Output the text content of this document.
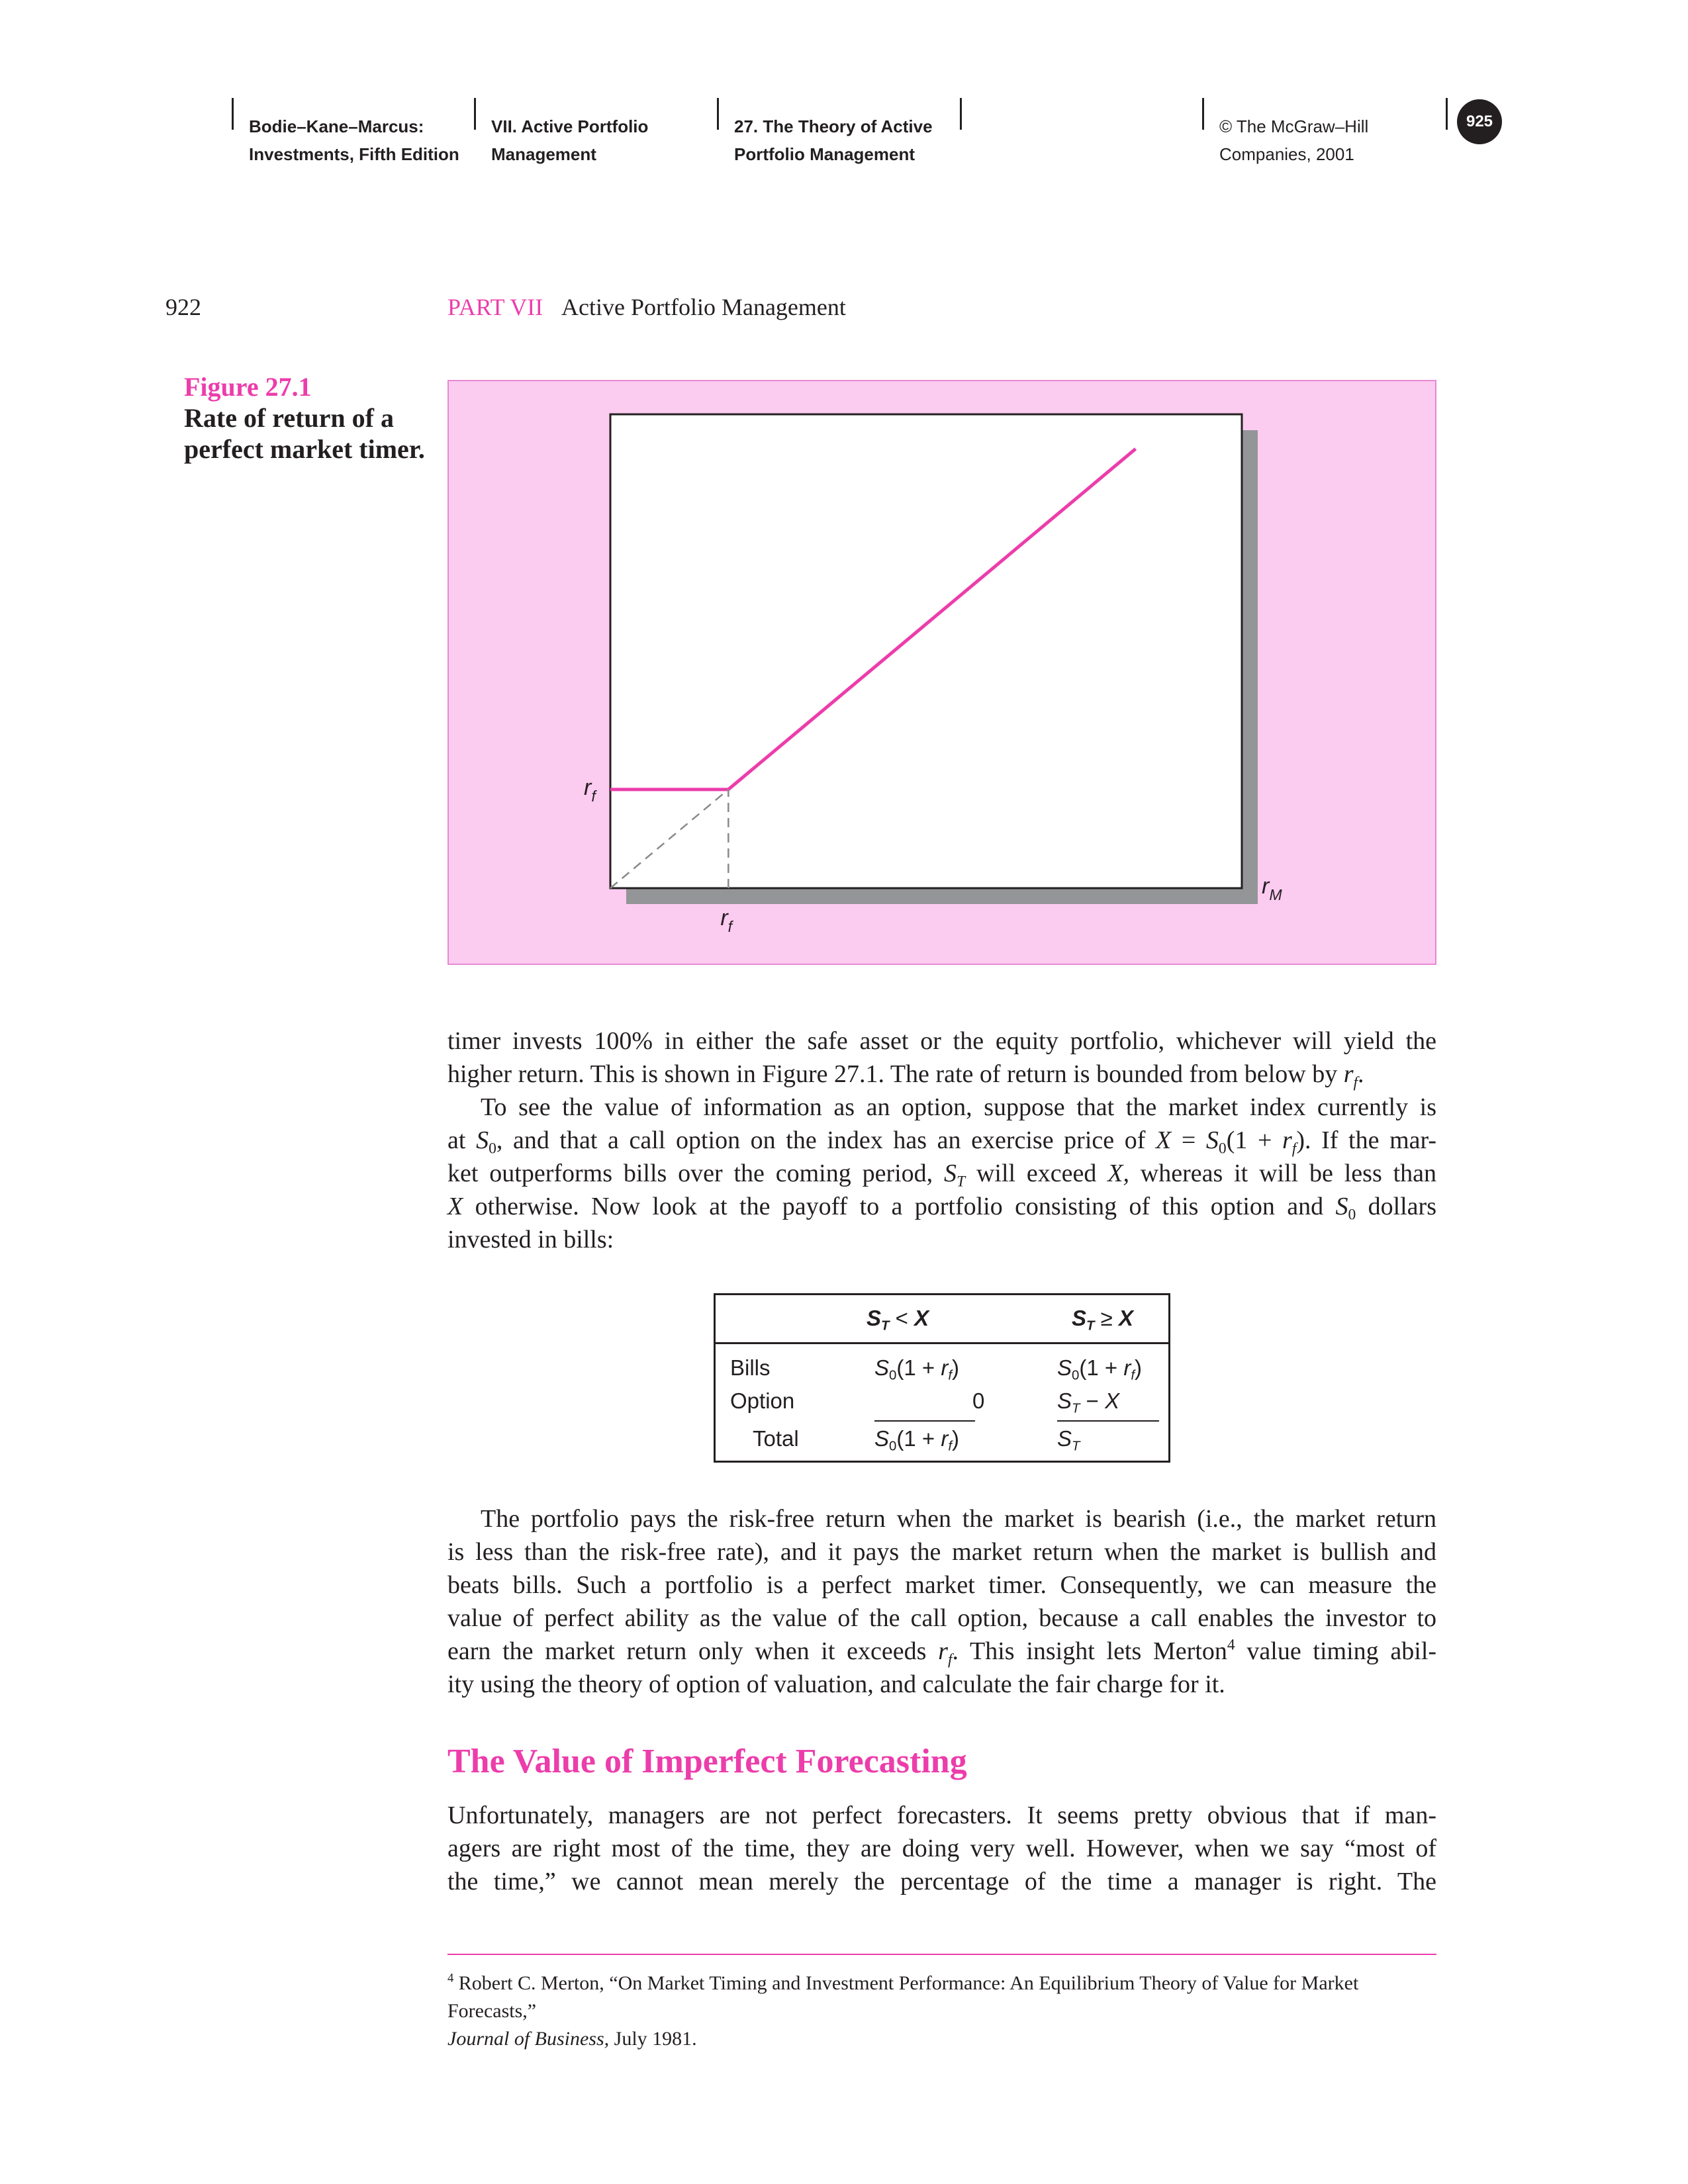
Bodie–Kane–Marcus:
Investments, Fifth Edition
VII. Active Portfolio
Management
27. The Theory of Active
Portfolio Management
© The McGraw–Hill
Companies, 2001
925
922	PART VII Active Portfolio Management
Figure 27.1
Rate of return of a perfect market timer.
$r_f$
$r_f$
$r_M$
timer invests 100% in either the safe asset or the equity portfolio, whichever will yield the
higher return. This is shown in Figure 27.1. The rate of return is bounded from below by $r_f$.
To see the value of information as an option, suppose that the market index currently is
at $S_0$, and that a call option on the index has an exercise price of $X = S_0(1 + r_f)$. If the mar-
ket outperforms bills over the coming period, $S_T$ will exceed X, whereas it will be less than
X otherwise. Now look at the payoff to a portfolio consisting of this option and $S_0$ dollars
invested in bills:
$S_T < X$	$S_T \ge X$
Bills
Option
Total
$S_0(1 + r_f)$
0
$S_0(1 + r_f)$
$S_0(1 + r_f)$
$S_T - X$
$S_T$
The portfolio pays the risk-free return when the market is bearish (i.e., the market return
is less than the risk-free rate), and it pays the market return when the market is bullish and
beats bills. Such a portfolio is a perfect market timer. Consequently, we can measure the
value of perfect ability as the value of the call option, because a call enables the investor to
earn the market return only when it exceeds $r_f$. This insight lets Merton$^4$ value timing abil-
ity using the theory of option of valuation, and calculate the fair charge for it.
The Value of Imperfect Forecasting
Unfortunately, managers are not perfect forecasters. It seems pretty obvious that if man-
agers are right most of the time, they are doing very well. However, when we say “most of
the time,” we cannot mean merely the percentage of the time a manager is right. The
$^4$ Robert C. Merton, “On Market Timing and Investment Performance: An Equilibrium Theory of Value for Market Forecasts,”
Journal of Business, July 1981.
